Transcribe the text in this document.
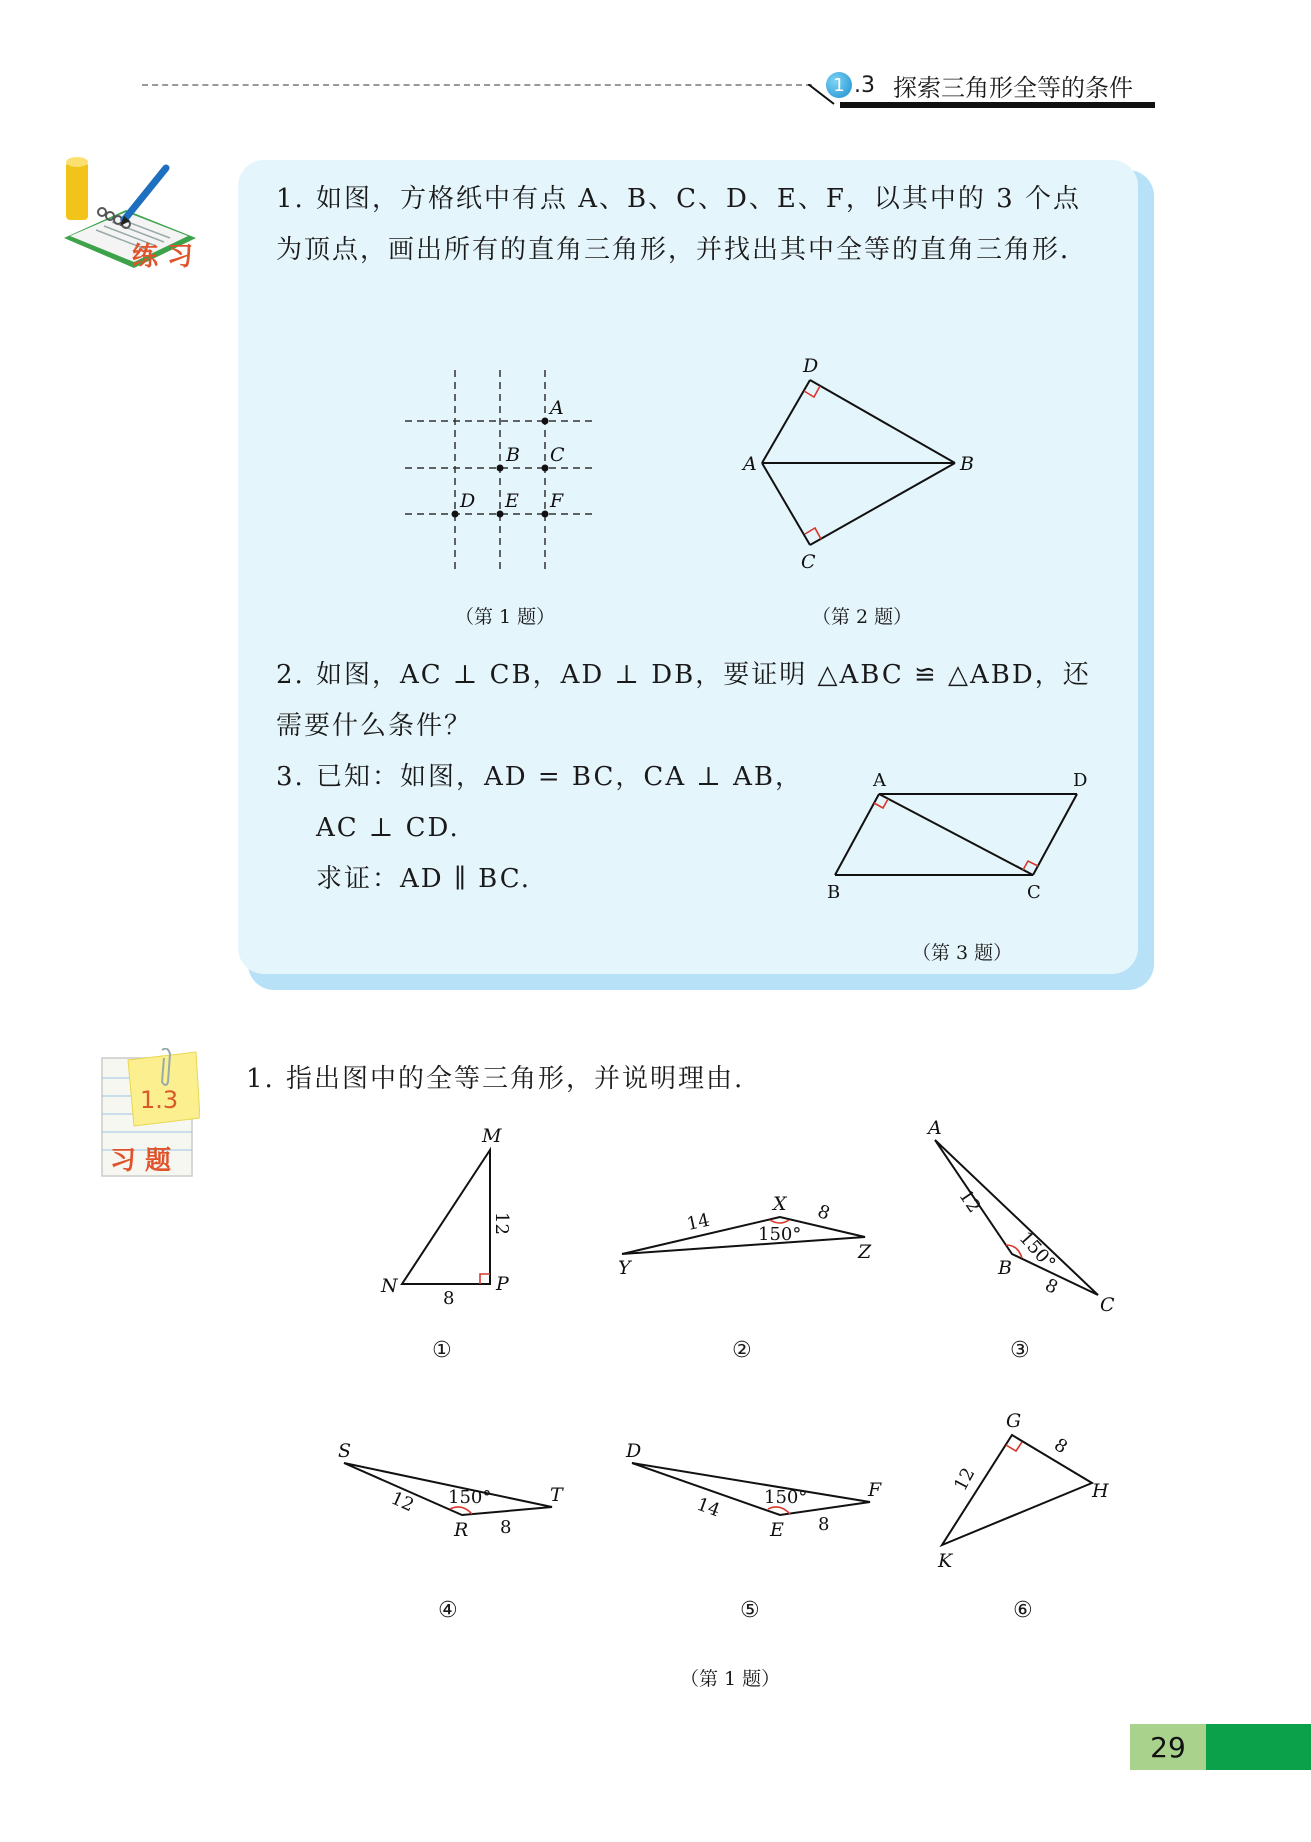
1 .3 探索三角形全等的条件
练 习
1. 如图，方格纸中有点 A、B、C、D、E、F，以其中的 3 个点为顶点，画出所有的直角三角形，并找出其中全等的直角三角形．
A
B C
D E F
D
A	B
C
（第 1 题）	（第 2 题）
2. 如图，AC ⊥ CB，AD ⊥ DB，要证明 △ABC ≌ △ABD，还需要什么条件？
3. 已知：如图，AD = BC，CA ⊥ AB，
AC ⊥ CD.
求证：AD ∥ BC.
A	D
B	C
（第 3 题）
1.3
习 题
1. 指出图中的全等三角形，并说明理由.
M
N	P
12
8
X
Y
Z
14	8
150°
A
B
C
12
8
150°
S
R
T
12
8
150°
D
E
F
14
8
150°
G
H
K
12
8
①	②	③
④	⑤	⑥
（第 1 题）
29
